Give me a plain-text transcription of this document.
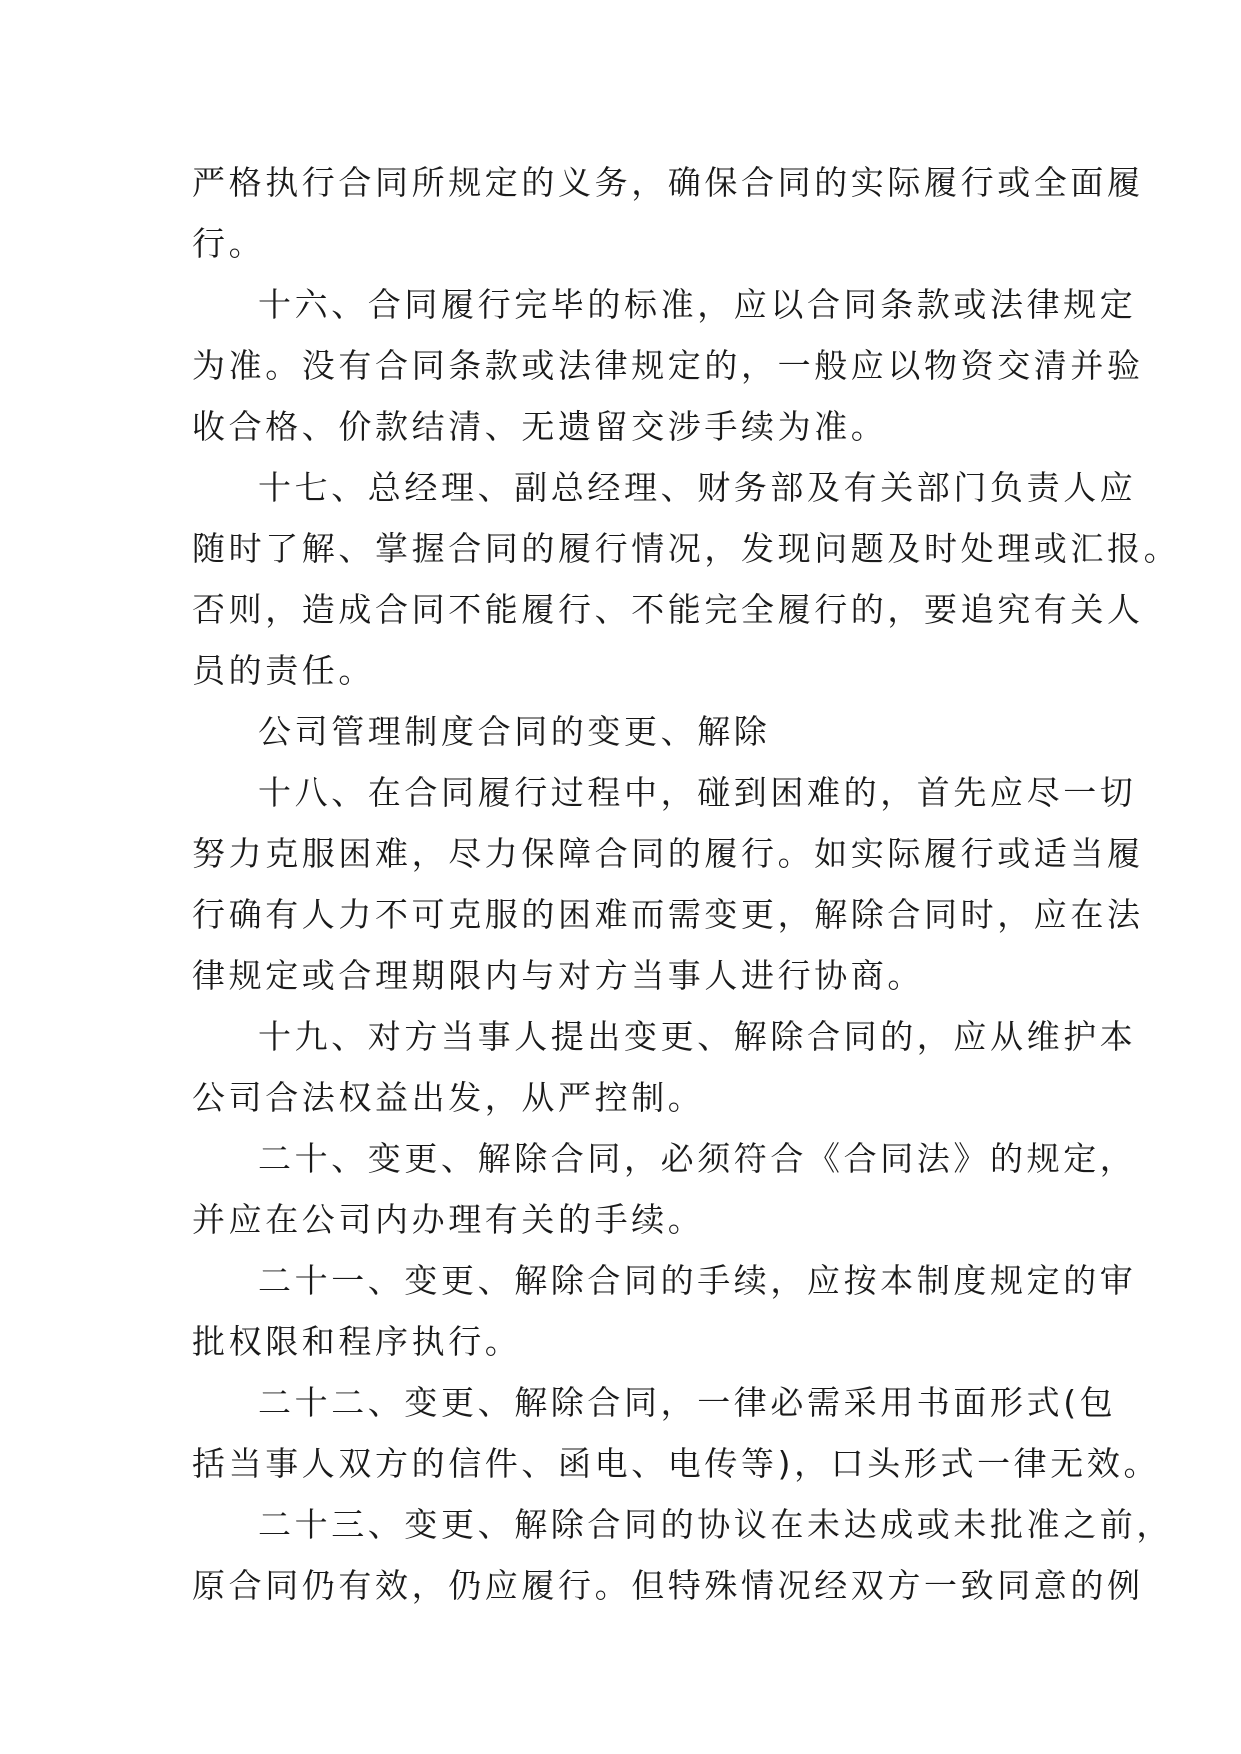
严格执行合同所规定的义务，确保合同的实际履行或全面履
行。
十六、合同履行完毕的标准，应以合同条款或法律规定
为准。没有合同条款或法律规定的，一般应以物资交清并验
收合格、价款结清、无遗留交涉手续为准。
十七、总经理、副总经理、财务部及有关部门负责人应
随时了解、掌握合同的履行情况，发现问题及时处理或汇报。
否则，造成合同不能履行、不能完全履行的，要追究有关人
员的责任。
公司管理制度合同的变更、解除
十八、在合同履行过程中，碰到困难的，首先应尽一切
努力克服困难，尽力保障合同的履行。如实际履行或适当履
行确有人力不可克服的困难而需变更，解除合同时，应在法
律规定或合理期限内与对方当事人进行协商。
十九、对方当事人提出变更、解除合同的，应从维护本
公司合法权益出发，从严控制。
二十、变更、解除合同，必须符合《合同法》的规定，
并应在公司内办理有关的手续。
二十一、变更、解除合同的手续，应按本制度规定的审
批权限和程序执行。
二十二、变更、解除合同，一律必需采用书面形式(包
括当事人双方的信件、函电、电传等)，口头形式一律无效。
二十三、变更、解除合同的协议在未达成或未批准之前，
原合同仍有效，仍应履行。但特殊情况经双方一致同意的例
